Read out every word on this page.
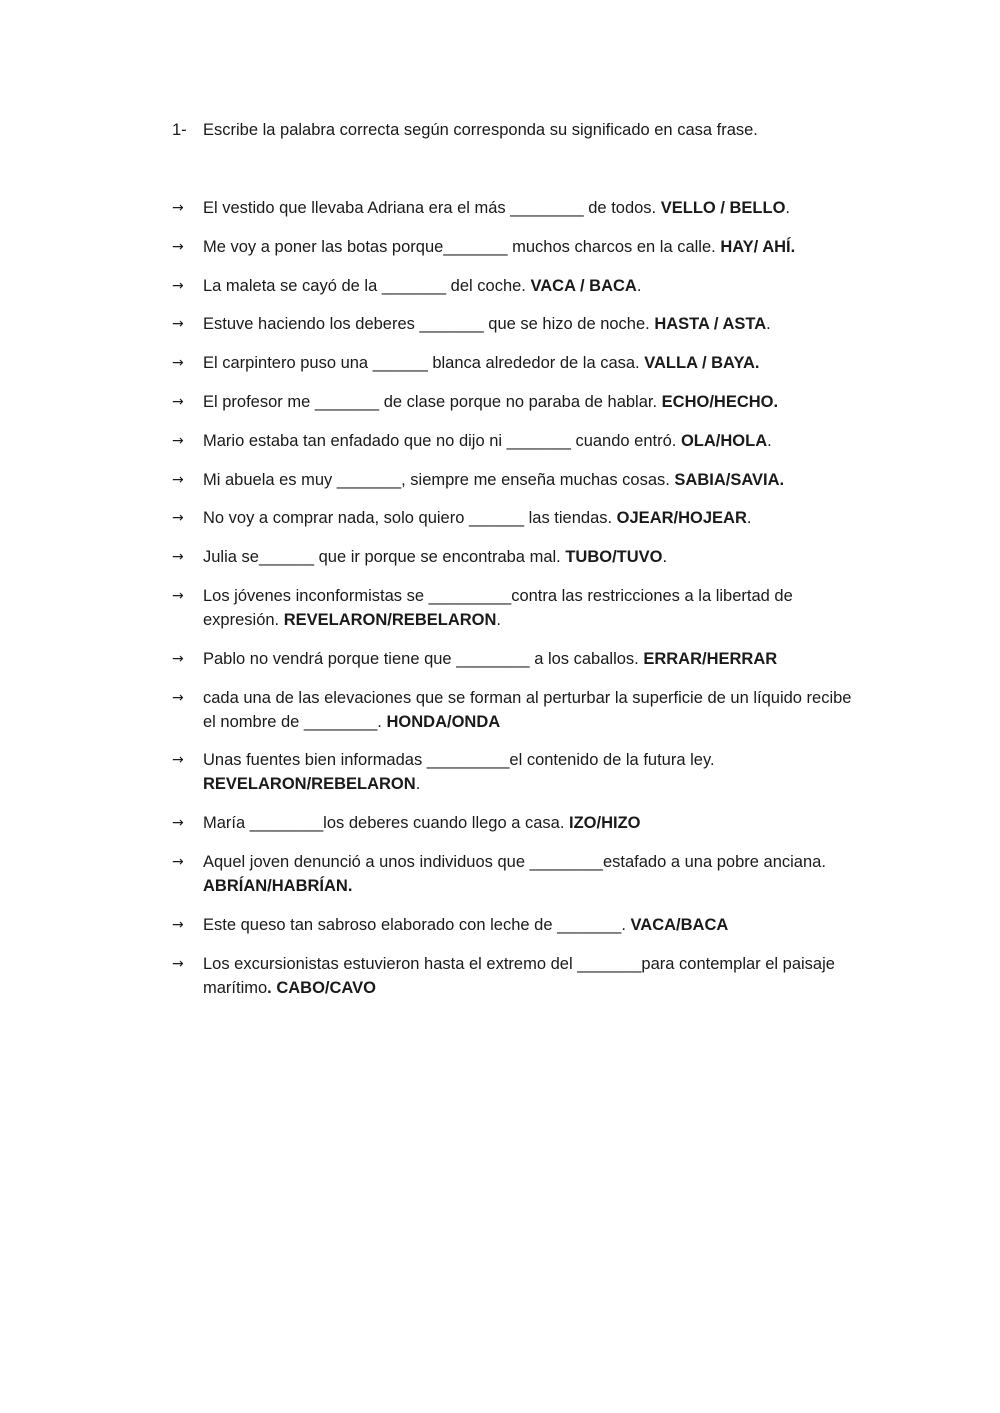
1- Escribe la palabra correcta según corresponda su significado en casa frase.
→	El vestido que llevaba Adriana era el más ________ de todos. VELLO / BELLO.
→	Me voy a poner las botas porque_______ muchos charcos en la calle. HAY/ AHÍ.
→	La maleta se cayó de la _______ del coche. VACA / BACA.
→	Estuve haciendo los deberes _______ que se hizo de noche. HASTA / ASTA.
→	El carpintero puso una ______ blanca alrededor de la casa. VALLA / BAYA.
→	El profesor me _______ de clase porque no paraba de hablar. ECHO/HECHO.
→	Mario estaba tan enfadado que no dijo ni _______ cuando entró. OLA/HOLA.
→	Mi abuela es muy _______, siempre me enseña muchas cosas. SABIA/SAVIA.
→	No voy a comprar nada, solo quiero ______ las tiendas. OJEAR/HOJEAR.
→	Julia se______ que ir porque se encontraba mal. TUBO/TUVO.
→	Los jóvenes inconformistas se _________contra las restricciones a la libertad de expresión. REVELARON/REBELARON.
→	Pablo no vendrá porque tiene que ________ a los caballos. ERRAR/HERRAR
→	cada una de las elevaciones que se forman al perturbar la superficie de un líquido recibe el nombre de ________. HONDA/ONDA
→	Unas fuentes bien informadas _________el contenido de la futura ley. REVELARON/REBELARON.
→	María ________los deberes cuando llego a casa. IZO/HIZO
→	Aquel joven denunció a unos individuos que ________estafado a una pobre anciana. ABRÍAN/HABRÍAN.
→	Este queso tan sabroso elaborado con leche de _______. VACA/BACA
→	Los excursionistas estuvieron hasta el extremo del _______para contemplar el paisaje marítimo. CABO/CAVO
